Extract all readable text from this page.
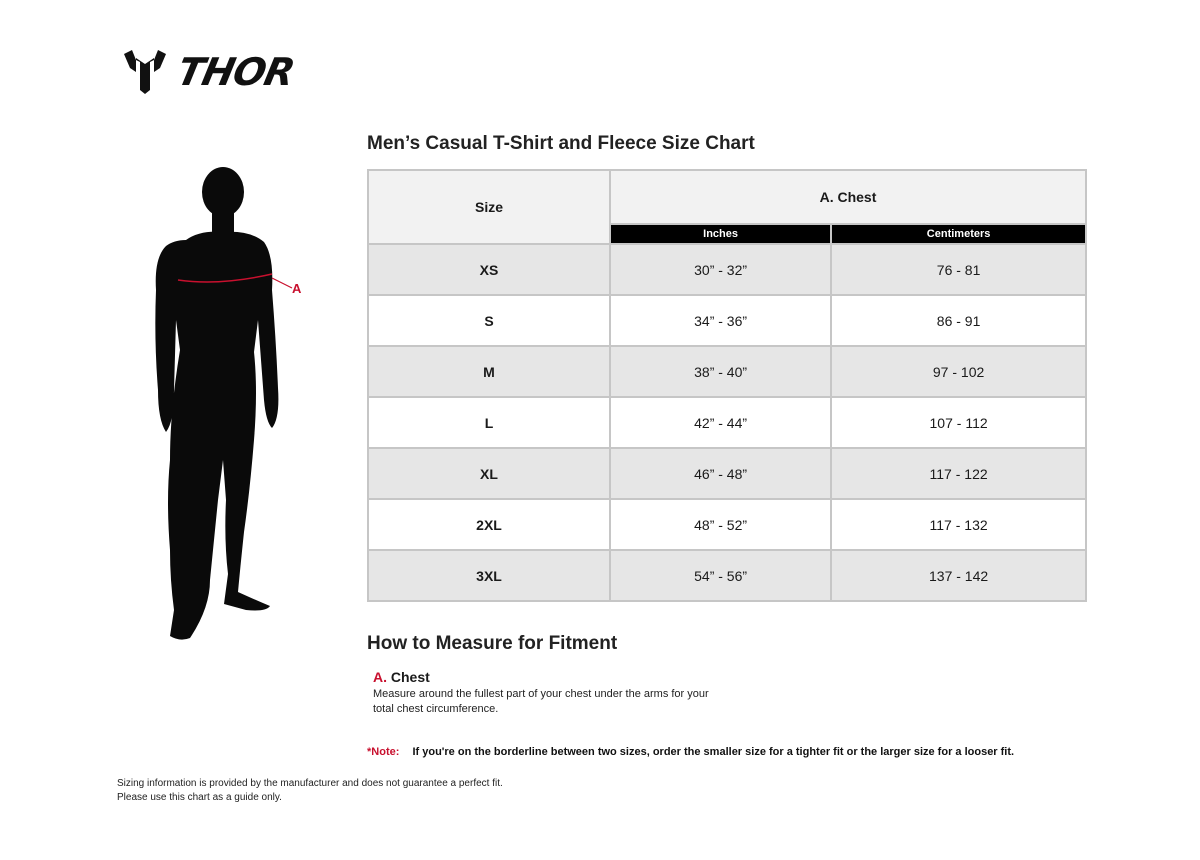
THOR
A
Men’s Casual T-Shirt and Fleece Size Chart
Size	A. Chest	
	Inches	Centimeters
XS	30” - 32”	76 - 81
S	34” - 36”	86 - 91
M	38” - 40”	97 - 102
L	42” - 44”	107 - 112
XL	46” - 48”	117 - 122
2XL	48” - 52”	117 - 132
3XL	54” - 56”	137 - 142
How to Measure for Fitment
A. Chest
Measure around the fullest part of your chest under the arms for your
total chest circumference.
*Note: If you're on the borderline between two sizes, order the smaller size for a tighter fit or the larger size for a looser fit.
Sizing information is provided by the manufacturer and does not guarantee a perfect fit.
Please use this chart as a guide only.
